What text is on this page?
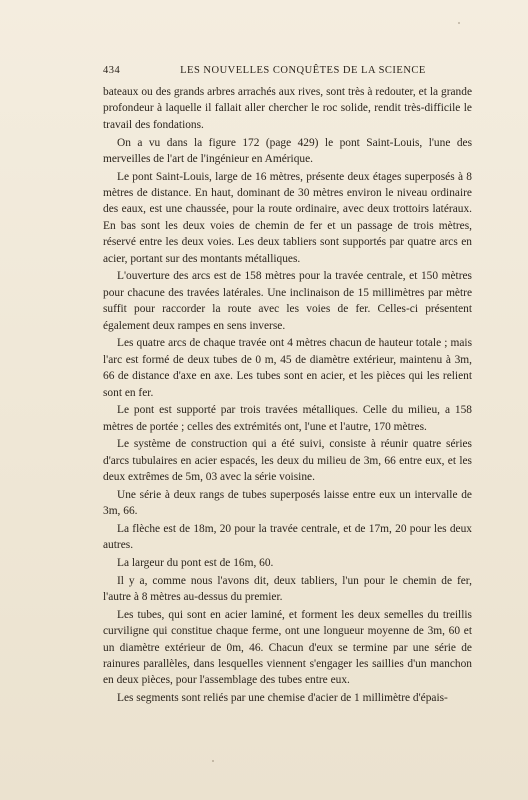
434	LES NOUVELLES CONQUÊTES DE LA SCIENCE

bateaux ou des grands arbres arrachés aux rives, sont très à redouter, et la grande profondeur à laquelle il fallait aller chercher le roc solide, rendit très-difficile le travail des fondations.

On a vu dans la figure 172 (page 429) le pont Saint-Louis, l'une des merveilles de l'art de l'ingénieur en Amérique.

Le pont Saint-Louis, large de 16 mètres, présente deux étages superposés à 8 mètres de distance. En haut, dominant de 30 mètres environ le niveau ordinaire des eaux, est une chaussée, pour la route ordinaire, avec deux trottoirs latéraux. En bas sont les deux voies de chemin de fer et un passage de trois mètres, réservé entre les deux voies. Les deux tabliers sont supportés par quatre arcs en acier, portant sur des montants métalliques.

L'ouverture des arcs est de 158 mètres pour la travée centrale, et 150 mètres pour chacune des travées latérales. Une inclinaison de 15 millimètres par mètre suffit pour raccorder la route avec les voies de fer. Celles-ci présentent également deux rampes en sens inverse.

Les quatre arcs de chaque travée ont 4 mètres chacun de hauteur totale ; mais l'arc est formé de deux tubes de 0 m, 45 de diamètre extérieur, maintenu à 3m, 66 de distance d'axe en axe. Les tubes sont en acier, et les pièces qui les relient sont en fer.

Le pont est supporté par trois travées métalliques. Celle du milieu, a 158 mètres de portée ; celles des extrémités ont, l'une et l'autre, 170 mètres.

Le système de construction qui a été suivi, consiste à réunir quatre séries d'arcs tubulaires en acier espacés, les deux du milieu de 3m, 66 entre eux, et les deux extrêmes de 5m, 03 avec la série voisine.

Une série à deux rangs de tubes superposés laisse entre eux un intervalle de 3m, 66.

La flèche est de 18m, 20 pour la travée centrale, et de 17m, 20 pour les deux autres.

La largeur du pont est de 16m, 60.

Il y a, comme nous l'avons dit, deux tabliers, l'un pour le chemin de fer, l'autre à 8 mètres au-dessus du premier.

Les tubes, qui sont en acier laminé, et forment les deux semelles du treillis curviligne qui constitue chaque ferme, ont une longueur moyenne de 3m, 60 et un diamètre extérieur de 0m, 46. Chacun d'eux se termine par une série de rainures parallèles, dans lesquelles viennent s'engager les saillies d'un manchon en deux pièces, pour l'assemblage des tubes entre eux.

Les segments sont reliés par une chemise d'acier de 1 millimètre d'épais-
